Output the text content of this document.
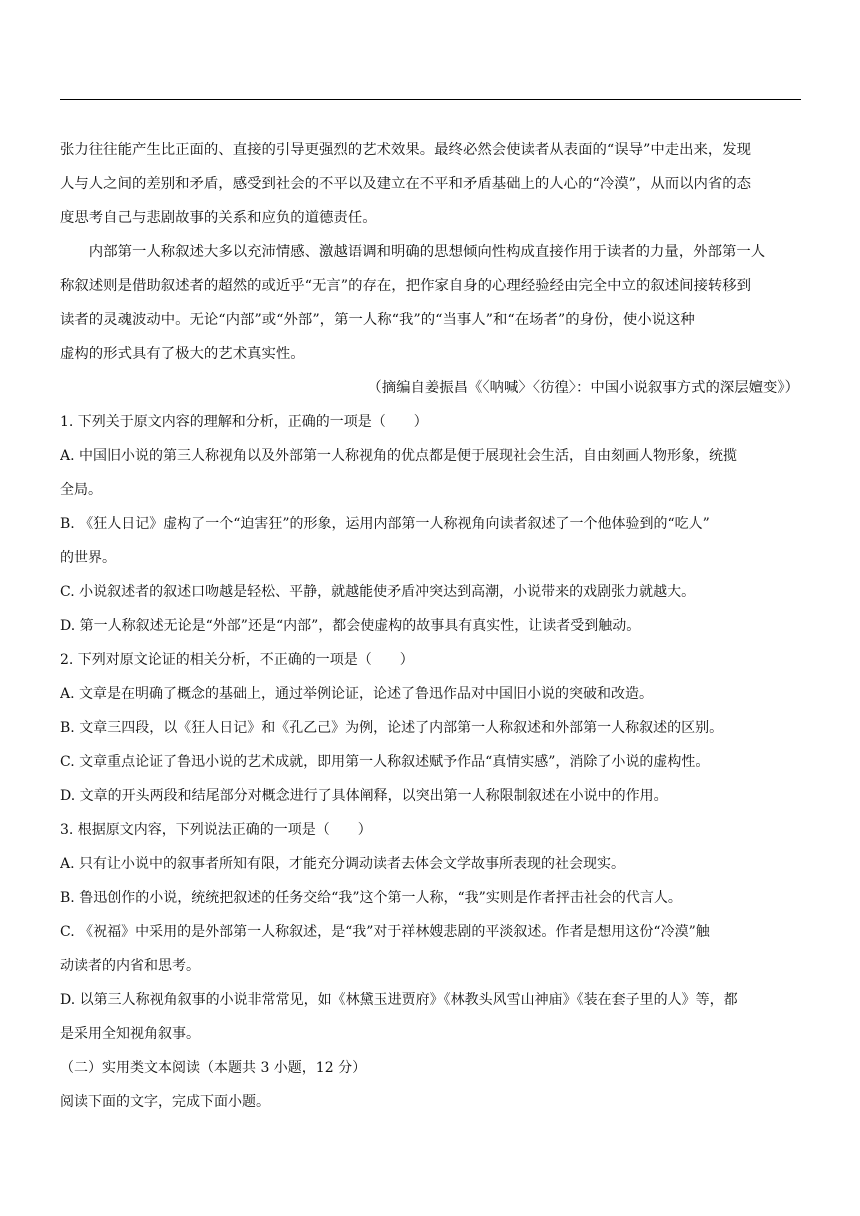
张力往往能产生比正面的、直接的引导更强烈的艺术效果。最终必然会使读者从表面的“误导”中走出来，发现
人与人之间的差别和矛盾，感受到社会的不平以及建立在不平和矛盾基础上的人心的“冷漠”，从而以内省的态
度思考自己与悲剧故事的关系和应负的道德责任。
内部第一人称叙述大多以充沛情感、激越语调和明确的思想倾向性构成直接作用于读者的力量，外部第一人
称叙述则是借助叙述者的超然的或近乎“无言”的存在，把作家自身的心理经验经由完全中立的叙述间接转移到
读者的灵魂波动中。无论“内部”或“外部”，第一人称“我”的“当事人”和“在场者”的身份，使小说这种
虚构的形式具有了极大的艺术真实性。
（摘编自姜振昌《〈呐喊〉〈彷徨〉：中国小说叙事方式的深层嬗变》）
1. 下列关于原文内容的理解和分析，正确的一项是（　　）
A. 中国旧小说的第三人称视角以及外部第一人称视角的优点都是便于展现社会生活，自由刻画人物形象，统揽
全局。
B. 《狂人日记》虚构了一个“迫害狂”的形象，运用内部第一人称视角向读者叙述了一个他体验到的“吃人”
的世界。
C. 小说叙述者的叙述口吻越是轻松、平静，就越能使矛盾冲突达到高潮，小说带来的戏剧张力就越大。
D. 第一人称叙述无论是“外部”还是“内部”，都会使虚构的故事具有真实性，让读者受到触动。
2. 下列对原文论证的相关分析，不正确的一项是（　　）
A. 文章是在明确了概念的基础上，通过举例论证，论述了鲁迅作品对中国旧小说的突破和改造。
B. 文章三四段，以《狂人日记》和《孔乙己》为例，论述了内部第一人称叙述和外部第一人称叙述的区别。
C. 文章重点论证了鲁迅小说的艺术成就，即用第一人称叙述赋予作品“真情实感”，消除了小说的虚构性。
D. 文章的开头两段和结尾部分对概念进行了具体阐释，以突出第一人称限制叙述在小说中的作用。
3. 根据原文内容，下列说法正确的一项是（　　）
A. 只有让小说中的叙事者所知有限，才能充分调动读者去体会文学故事所表现的社会现实。
B. 鲁迅创作的小说，统统把叙述的任务交给“我”这个第一人称，“我”实则是作者抨击社会的代言人。
C. 《祝福》中采用的是外部第一人称叙述，是“我”对于祥林嫂悲剧的平淡叙述。作者是想用这份“冷漠”触
动读者的内省和思考。
D. 以第三人称视角叙事的小说非常常见，如《林黛玉进贾府》《林教头风雪山神庙》《装在套子里的人》等，都
是采用全知视角叙事。
（二）实用类文本阅读（本题共 3 小题，12 分）
阅读下面的文字，完成下面小题。
